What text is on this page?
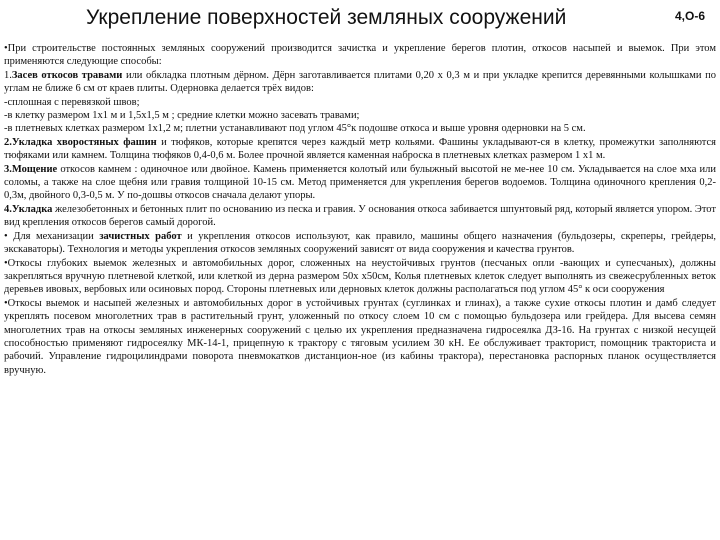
Укрепление поверхностей земляных сооружений	4,О-6

•При строительстве постоянных земляных сооружений производится зачистка и укрепление берегов плотин, откосов насыпей и выемок. При этом применяются следующие способы:

1.Засев откосов травами или обкладка плотным дёрном. Дёрн заготавливается плитами 0,20 х 0,3 м и при укладке крепится деревянными колышками по углам не ближе 6 см от краев плиты. Одерновка делается трёх видов:

-сплошная с перевязкой швов;

-в клетку размером 1х1 м и 1,5х1,5 м ; средние клетки можно засевать травами;

-в плетневых клетках размером 1х1,2 м; плетни устанавливают под углом 45°к подошве откоса и выше уровня одерновки на 5 см.

2.Укладка хворостяных фашин и тюфяков, которые крепятся через каждый метр кольями. Фашины укладывают-ся в клетку, промежутки заполняются тюфяками или камнем. Толщина тюфяков 0,4-0,6 м. Более прочной является каменная наброска в плетневых клетках размером 1 х1 м.

3.Мощение откосов камнем : одиночное или двойное. Камень применяется колотый или булыжный высотой не ме-нее 10 см. Укладывается на слое мха или соломы, а также на слое щебня или гравия толщиной 10-15 см. Метод применяется для укрепления берегов водоемов. Толщина одиночного крепления 0,2-0,3м, двойного 0,3-0,5 м. У по-дошвы откосов сначала делают упоры.

4.Укладка железобетонных и бетонных плит по основанию из песка и гравия. У основания откоса забивается шпунтовый ряд, который является упором. Этот вид крепления откосов берегов самый дорогой.

• Для механизации зачистных работ и укрепления откосов используют, как правило, машины общего назначения (бульдозеры, скреперы, грейдеры, экскаваторы). Технология и методы укрепления откосов земляных сооружений зависят от вида сооружения и качества грунтов.

•Откосы глубоких выемок железных и автомобильных дорог, сложенных на неустойчивых грунтов (песчаных опли -вающих и супесчаных), должны закрепляться вручную плетневой клеткой, или клеткой из дерна размером 50х х50см, Колья плетневых клеток следует выполнять из свежесрубленных веток деревьев ивовых, вербовых или осиновых пород. Стороны плетневых или дерновых клеток должны располагаться под углом 45° к оси сооружения

•Откосы выемок и насыпей железных и автомобильных дорог в устойчивых грунтах (суглинках и глинах), а также сухие откосы плотин и дамб следует укреплять посевом многолетних трав в растительный грунт, уложенный по откосу слоем 10 см с помощью бульдозера или грейдера. Для высева семян многолетних трав на откосы земляных инженерных сооружений с целью их укрепления предназначена гидросеялка ДЗ-16. На грунтах с низкой несущей способностью применяют гидросеялку МК-14-1, прицепную к трактору с тяговым усилием 30 кН. Ее обслуживает тракторист, помощник тракториста и рабочий. Управление гидроцилиндрами поворота пневмокатков дистанцион-ное (из кабины трактора), перестановка распорных планок осуществляется вручную.
